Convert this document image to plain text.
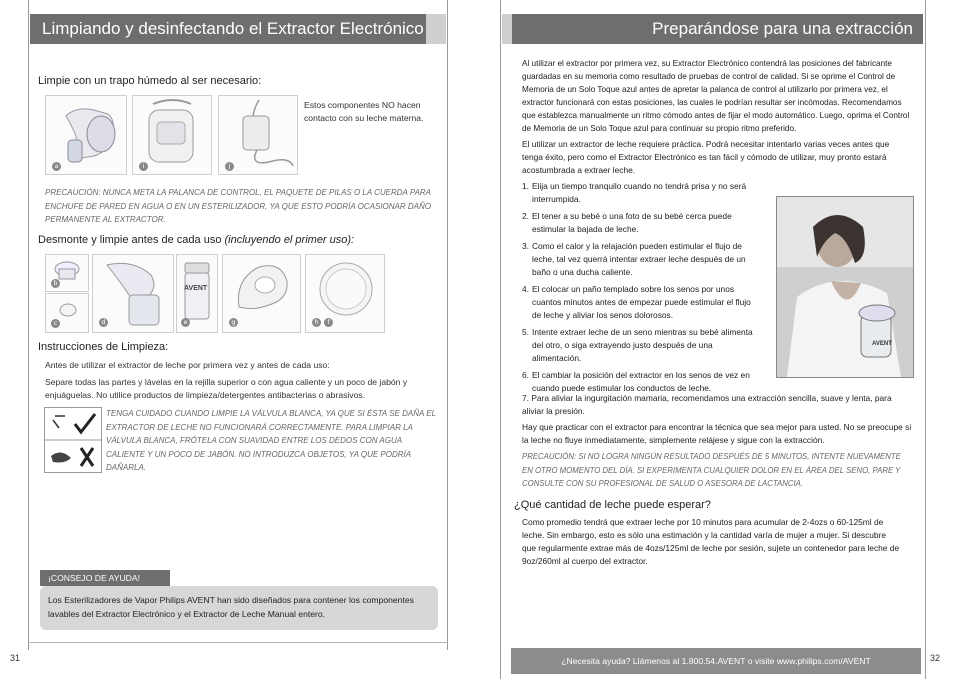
Limpiando y desinfectando el Extractor Electrónico
Limpie con un trapo húmedo al ser necesario:
a	i	j
Estos componentes NO hacen contacto con su leche materna.
PRECAUCIÓN: NUNCA META LA PALANCA DE CONTROL, EL PAQUETE DE PILAS O LA CUERDA PARA ENCHUFE DE PARED EN AGUA O EN UN ESTERILIZADOR, YA QUE ESTO PODRÍA OCASIONAR DAÑO PERMANENTE AL EXTRACTOR.
Desmonte y limpie antes de cada uso (incluyendo el primer uso):
b
c	d
AVENT
e	g	h	f
Instrucciones de Limpieza:
Antes de utilizar el extractor de leche por primera vez y antes de cada uso:
Separe todas las partes y lávelas en la rejilla superior o con agua caliente y un poco de jabón y enjuáguelas. No utilice productos de limpieza/detergentes antibacterias o abrasivos.
TENGA CUIDADO CUANDO LIMPIE LA VÁLVULA BLANCA, YA QUE SI ÉSTA SE DAÑA EL EXTRACTOR DE LECHE NO FUNCIONARÁ CORRECTAMENTE. PARA LIMPIAR LA VÁLVULA BLANCA, FRÓTELA CON SUAVIDAD ENTRE LOS DEDOS CON AGUA CALIENTE Y UN POCO DE JABÓN. NO INTRODUZCA OBJETOS, YA QUE PODRÍA DAÑARLA.
¡CONSEJO DE AYUDA!
Los Esterilizadores de Vapor Philips AVENT han sido diseñados para contener los componentes lavables del Extractor Electrónico y el Extractor de Leche Manual entero.
31
Preparándose para una extracción
Al utilizar el extractor por primera vez, su Extractor Electrónico contendrá las posiciones del fabricante guardadas en su memoria como resultado de pruebas de control de calidad. Si se oprime el Control de Memoria de un Solo Toque azul antes de apretar la palanca de control al utilizarlo por primera vez, el extractor funcionará con estas posiciones, las cuales le podrían resultar ser incómodas. Recomendamos que establezca manualmente un ritmo cómodo antes de fijar el modo automático. Luego, oprima el Control de Memoria de un Solo Toque azul para continuar su propio ritmo preferido.
El utilizar un extractor de leche requiere práctica. Podrá necesitar intentarlo varias veces antes que tenga éxito, pero como el Extractor Electrónico es tan fácil y cómodo de utilizar, muy pronto estará acostumbrada a extraer leche.
1. Elija un tiempo tranquilo cuando no tendrá prisa y no será interrumpida.
2. El tener a su bebé o una foto de su bebé cerca puede estimular la bajada de leche.
3. Como el calor y la relajación pueden estimular el flujo de leche, tal vez querrá intentar extraer leche después de un baño o una ducha caliente.
4. El colocar un paño templado sobre los senos por unos cuantos minutos antes de empezar puede estimular el flujo de leche y aliviar los senos dolorosos.
5. Intente extraer leche de un seno mientras su bebé alimenta del otro, o siga extrayendo justo después de una alimentación.
6. El cambiar la posición del extractor en los senos de vez en cuando puede estimular los conductos de leche.
AVENT
7. Para aliviar la ingurgitación mamaria, recomendamos una extracción sencilla, suave y lenta, para aliviar la presión.
Hay que practicar con el extractor para encontrar la técnica que sea mejor para usted. No se preocupe si la leche no fluye inmediatamente, simplemente relájese y sigue con la extracción.
PRECAUCIÓN: SI NO LOGRA NINGÚN RESULTADO DESPUÉS DE 5 MINUTOS, INTENTE NUEVAMENTE EN OTRO MOMENTO DEL DÍA. SI EXPERIMENTA CUALQUIER DOLOR EN EL ÁREA DEL SENO, PARE Y CONSULTE CON SU PROFESIONAL DE SALUD O ASESORA DE LACTANCIA.
¿Qué cantidad de leche puede esperar?
Como promedio tendrá que extraer leche por 10 minutos para acumular de 2-4ozs o 60-125ml de leche. Sin embargo, esto es sólo una estimación y la cantidad varía de mujer a mujer. Si descubre que regularmente extrae más de 4ozs/125ml de leche por sesión, sujete un contenedor para leche de 9oz/260ml al cuerpo del extractor.
¿Necesita ayuda? Llámenos al 1.800.54.AVENT o visite www.philips.com/AVENT	32
